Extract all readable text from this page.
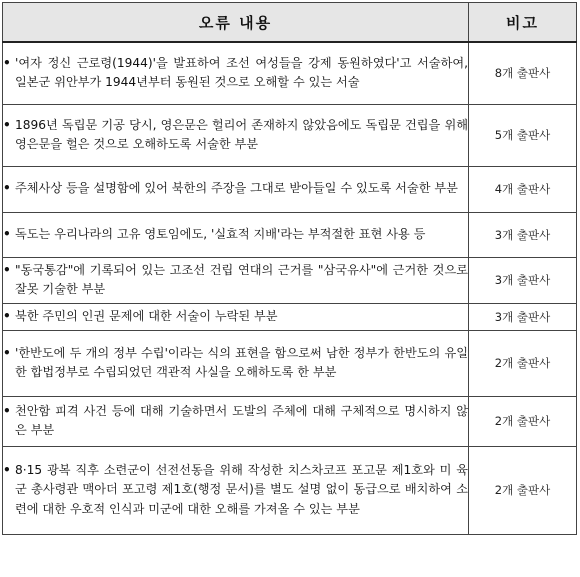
오류 내용	비고

• '여자 정신 근로령(1944)'을 발표하여 조선 여성들을 강제 동원하였다'고 서술하여, 일본군 위안부가 1944년부터 동원된 것으로 오해할 수 있는 서술	8개 출판사

• 1896년 독립문 기공 당시, 영은문은 헐리어 존재하지 않았음에도 독립문 건립을 위해 영은문을 헐은 것으로 오해하도록 서술한 부분	5개 출판사

• 주체사상 등을 설명함에 있어 북한의 주장을 그대로 받아들일 수 있도록 서술한 부분	4개 출판사

• 독도는 우리나라의 고유 영토임에도, '실효적 지배'라는 부적절한 표현 사용 등	3개 출판사

• "동국통감"에 기록되어 있는 고조선 건립 연대의 근거를 "삼국유사"에 근거한 것으로 잘못 기술한 부분	3개 출판사

• 북한 주민의 인권 문제에 대한 서술이 누락된 부분	3개 출판사

• '한반도에 두 개의 정부 수립'이라는 식의 표현을 함으로써 남한 정부가 한반도의 유일한 합법정부로 수립되었던 객관적 사실을 오해하도록 한 부분	2개 출판사

• 천안함 피격 사건 등에 대해 기술하면서 도발의 주체에 대해 구체적으로 명시하지 않은 부분	2개 출판사

• 8·15 광복 직후 소련군이 선전선동을 위해 작성한 치스차코프 포고문 제1호와 미 육군 총사령관 맥아더 포고령 제1호(행정 문서)를 별도 설명 없이 동급으로 배치하여 소련에 대한 우호적 인식과 미군에 대한 오해를 가져올 수 있는 부분	2개 출판사
